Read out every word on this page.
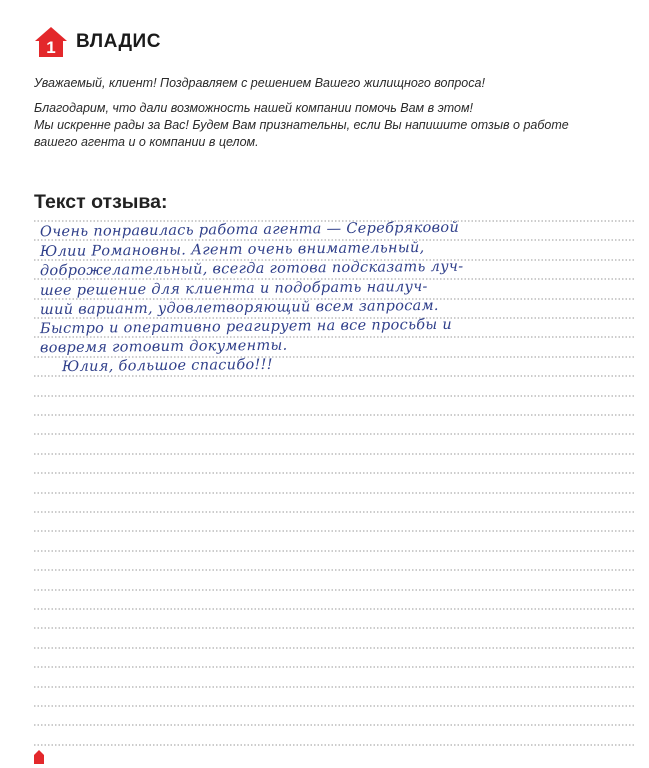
1 ВЛАДИС

Уважаемый, клиент! Поздравляем с решением Вашего жилищного вопроса!

Благодарим, что дали возможность нашей компании помочь Вам в этом!

Мы искренне рады за Вас! Будем Вам признательны, если Вы напишите отзыв о работе

вашего агента и о компании в целом.

Текст отзыва:
Очень понравилась работа агента — Серебряковой
Юлии Романовны. Агент очень внимательный,
доброжелательный, всегда готова подсказать луч-
шее решение для клиента и подобрать наилуч-
ший вариант, удовлетворяющий всем запросам.
Быстро и оперативно реагирует на все просьбы и
вовремя готовит документы.
Юлия, большое спасибо!!!
